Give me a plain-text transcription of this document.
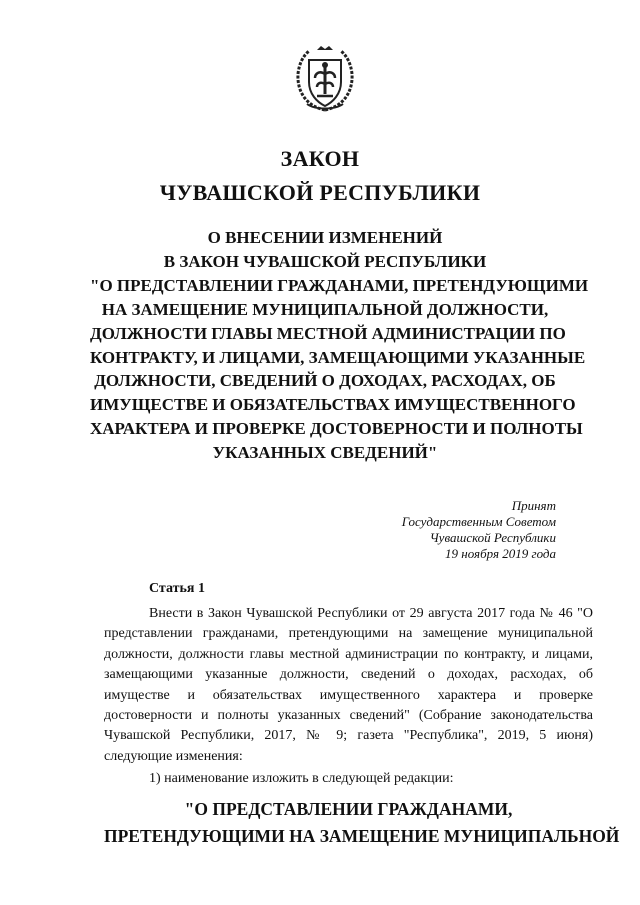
ЗАКОН
ЧУВАШСКОЙ РЕСПУБЛИКИ
О ВНЕСЕНИИ ИЗМЕНЕНИЙ
В ЗАКОН ЧУВАШСКОЙ РЕСПУБЛИКИ
"О ПРЕДСТАВЛЕНИИ ГРАЖДАНАМИ, ПРЕТЕНДУЮЩИМИ
НА ЗАМЕЩЕНИЕ МУНИЦИПАЛЬНОЙ ДОЛЖНОСТИ,
ДОЛЖНОСТИ ГЛАВЫ МЕСТНОЙ АДМИНИСТРАЦИИ ПО
КОНТРАКТУ, И ЛИЦАМИ, ЗАМЕЩАЮЩИМИ УКАЗАННЫЕ
ДОЛЖНОСТИ, СВЕДЕНИЙ О ДОХОДАХ, РАСХОДАХ, ОБ
ИМУЩЕСТВЕ И ОБЯЗАТЕЛЬСТВАХ ИМУЩЕСТВЕННОГО
ХАРАКТЕРА И ПРОВЕРКЕ ДОСТОВЕРНОСТИ И ПОЛНОТЫ
УКАЗАННЫХ СВЕДЕНИЙ"
Принят
Государственным Советом
Чувашской Республики
19 ноября 2019 года

Статья 1

Внести в Закон Чувашской Республики от 29 августа 2017 года № 46 "О представлении гражданами, претендующими на замещение муниципальной должности, должности главы местной администрации по контракту, и лицами, замещающими указанные должности, сведений о доходах, расходах, об имуществе и обязательствах имущественного характера и проверке достоверности и полноты указанных сведений" (Собрание законодательства Чувашской Республики, 2017, № 9; газета "Республика", 2019, 5 июня) следующие изменения:

1) наименование изложить в следующей редакции:

"О ПРЕДСТАВЛЕНИИ ГРАЖДАНАМИ,
ПРЕТЕНДУЮЩИМИ НА ЗАМЕЩЕНИЕ МУНИЦИПАЛЬНОЙ
